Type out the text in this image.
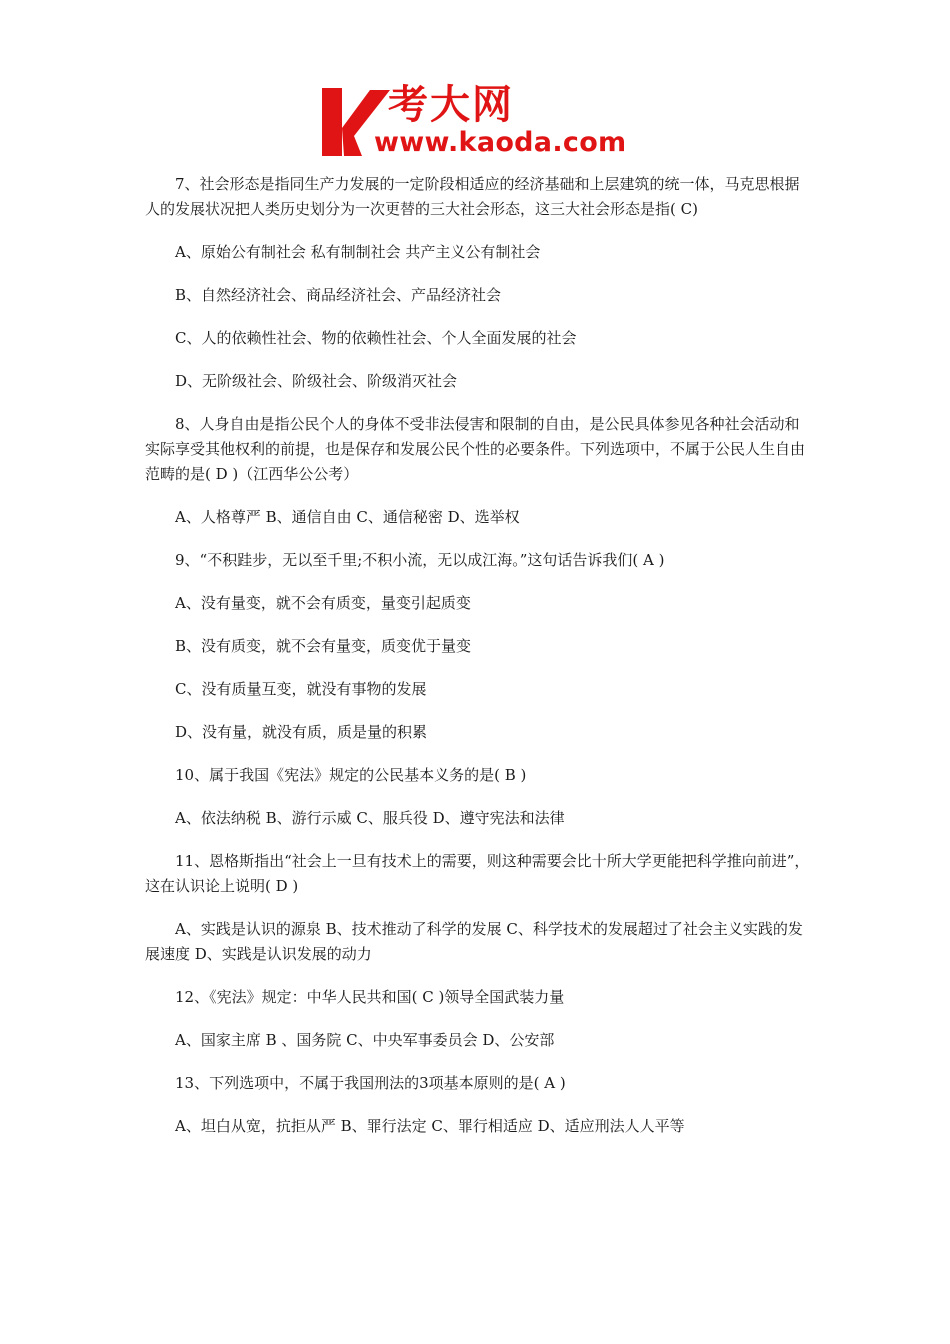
考大网
www.kaoda.com

7、社会形态是指同生产力发展的一定阶段相适应的经济基础和上层建筑的统一体，马克思根据人的发展状况把人类历史划分为一次更替的三大社会形态，这三大社会形态是指( C)

A、原始公有制社会 私有制制社会 共产主义公有制社会

B、自然经济社会、商品经济社会、产品经济社会

C、人的依赖性社会、物的依赖性社会、个人全面发展的社会

D、无阶级社会、阶级社会、阶级消灭社会

8、人身自由是指公民个人的身体不受非法侵害和限制的自由，是公民具体参见各种社会活动和实际享受其他权利的前提，也是保存和发展公民个性的必要条件。下列选项中，不属于公民人生自由范畴的是( D )（江西华公公考）

A、人格尊严 B、通信自由 C、通信秘密 D、选举权

9、“不积跬步，无以至千里;不积小流，无以成江海。”这句话告诉我们( A )

A、没有量变，就不会有质变，量变引起质变

B、没有质变，就不会有量变，质变优于量变

C、没有质量互变，就没有事物的发展

D、没有量，就没有质，质是量的积累

10、属于我国《宪法》规定的公民基本义务的是( B )

A、依法纳税 B、游行示威 C、服兵役 D、遵守宪法和法律

11、恩格斯指出“社会上一旦有技术上的需要，则这种需要会比十所大学更能把科学推向前进”，这在认识论上说明( D )

A、实践是认识的源泉 B、技术推动了科学的发展 C、科学技术的发展超过了社会主义实践的发展速度 D、实践是认识发展的动力

12、《宪法》规定：中华人民共和国( C )领导全国武装力量

A、国家主席 B 、国务院 C、中央军事委员会 D、公安部

13、下列选项中，不属于我国刑法的3项基本原则的是( A )

A、坦白从宽，抗拒从严 B、罪行法定 C、罪行相适应 D、适应刑法人人平等
